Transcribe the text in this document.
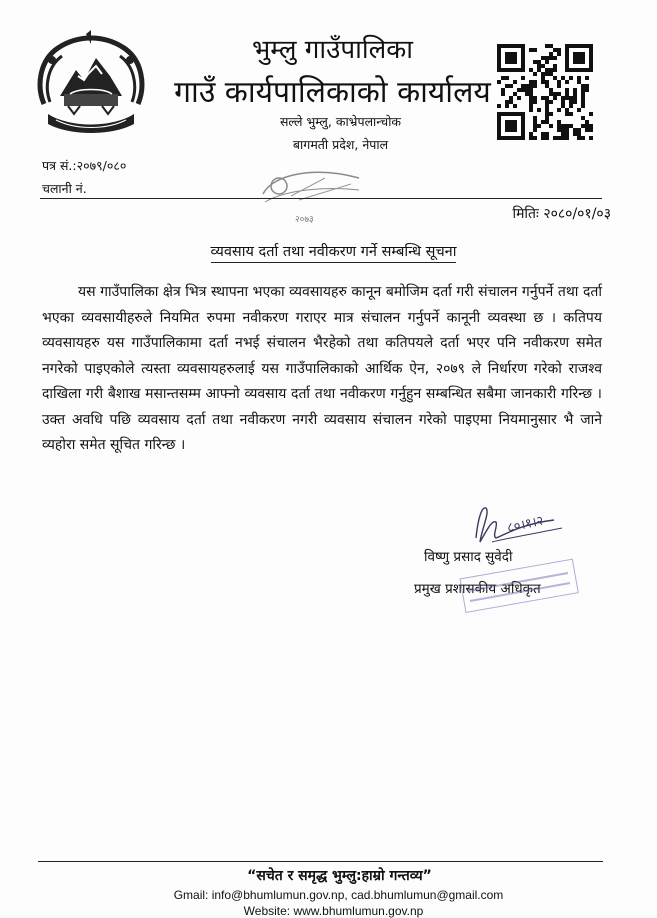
भुम्लु गाउँपालिका
गाउँ कार्यपालिकाको कार्यालय
सल्ले भुम्लु, काभ्रेपलान्चोक
बागमती प्रदेश, नेपाल
२०७३
पत्र सं.:२०७९/०८०
चलानी नं.
मितिः २०८०/०१/०३
व्यवसाय दर्ता तथा नवीकरण गर्ने सम्बन्धि सूचना
यस गाउँपालिका क्षेत्र भित्र स्थापना भएका व्यवसायहरु कानून बमोजिम दर्ता गरी संचालन गर्नुपर्ने तथा दर्ता भएका व्यवसायीहरुले नियमित रुपमा नवीकरण गराएर मात्र संचालन गर्नुपर्ने कानूनी व्यवस्था छ । कतिपय व्यवसायहरु यस गाउँपालिकामा दर्ता नभई संचालन भैरहेको तथा कतिपयले दर्ता भएर पनि नवीकरण समेत नगरेको पाइएकोले त्यस्ता व्यवसायहरुलाई यस गाउँपालिकाको आर्थिक ऐन, २०७९ ले निर्धारण गरेको राजश्व दाखिला गरी बैशाख मसान्तसम्म आफ्नो व्यवसाय दर्ता तथा नवीकरण गर्नुहुन सम्बन्धित सबैमा जानकारी गरिन्छ । उक्त अवधि पछि व्यवसाय दर्ता तथा नवीकरण नगरी व्यवसाय संचालन गरेको पाइएमा नियमानुसार भै जाने व्यहोरा समेत सूचित गरिन्छ ।
८०।१।२
विष्णु प्रसाद सुवेदी
प्रमुख प्रशासकीय अधिकृत
“सचेत र समृद्ध भुम्लु:हाम्रो गन्तव्य”
Gmail: info@bhumlumun.gov.np, cad.bhumlumun@gmail.com
Website: www.bhumlumun.gov.np
